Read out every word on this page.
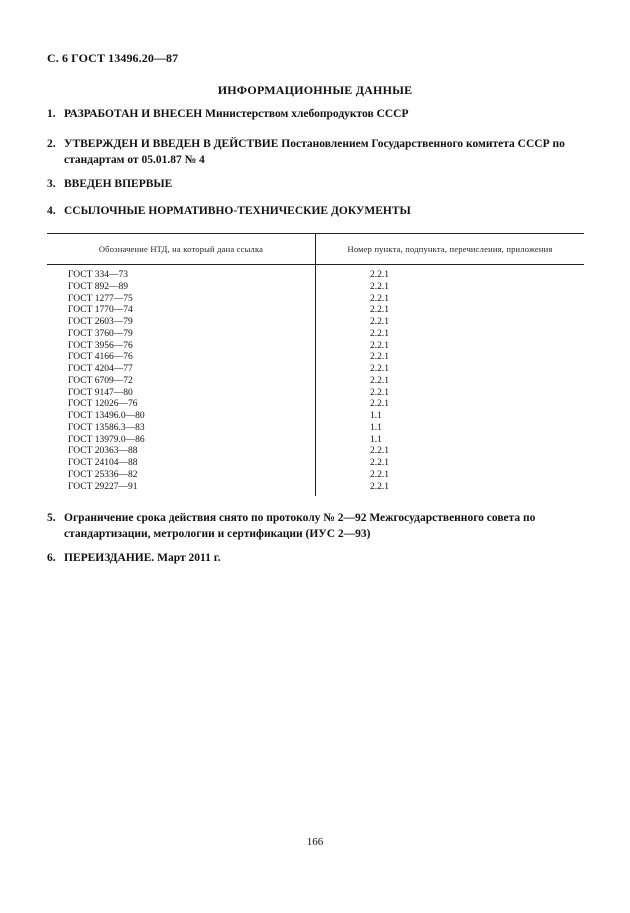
С. 6 ГОСТ 13496.20—87
ИНФОРМАЦИОННЫЕ ДАННЫЕ
1. РАЗРАБОТАН И ВНЕСЕН Министерством хлебопродуктов СССР
2. УТВЕРЖДЕН И ВВЕДЕН В ДЕЙСТВИЕ Постановлением Государственного комитета СССР по стандартам от 05.01.87 № 4
3. ВВЕДЕН ВПЕРВЫЕ
4. ССЫЛОЧНЫЕ НОРМАТИВНО-ТЕХНИЧЕСКИЕ ДОКУМЕНТЫ
Обозначение НТД, на который дана ссылка	Номер пункта, подпункта, перечисления, приложения
ГОСТ 334—73	2.2.1
ГОСТ 892—89	2.2.1
ГОСТ 1277—75	2.2.1
ГОСТ 1770—74	2.2.1
ГОСТ 2603—79	2.2.1
ГОСТ 3760—79	2.2.1
ГОСТ 3956—76	2.2.1
ГОСТ 4166—76	2.2.1
ГОСТ 4204—77	2.2.1
ГОСТ 6709—72	2.2.1
ГОСТ 9147—80	2.2.1
ГОСТ 12026—76	2.2.1
ГОСТ 13496.0—80	1.1
ГОСТ 13586.3—83	1.1
ГОСТ 13979.0—86	1.1
ГОСТ 20363—88	2.2.1
ГОСТ 24104—88	2.2.1
ГОСТ 25336—82	2.2.1
ГОСТ 29227—91	2.2.1
5. Ограничение срока действия снято по протоколу № 2—92 Межгосударственного совета по стандартизации, метрологии и сертификации (ИУС 2—93)
6. ПЕРЕИЗДАНИЕ. Март 2011 г.
166
